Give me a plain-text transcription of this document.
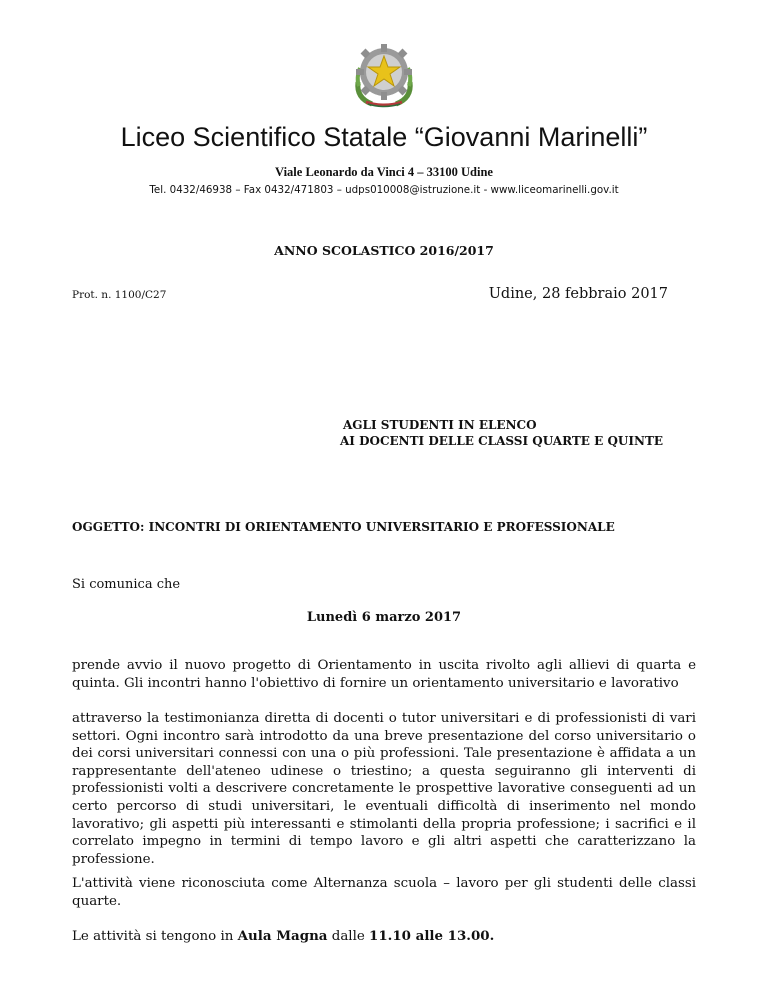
Liceo Scientifico Statale “Giovanni Marinelli”
Viale Leonardo da Vinci 4 – 33100 Udine
Tel. 0432/46938 – Fax 0432/471803 – udps010008@istruzione.it - www.liceomarinelli.gov.it
ANNO SCOLASTICO 2016/2017
Prot. n. 1100/C27	Udine, 28 febbraio 2017
AGLI STUDENTI IN ELENCO
AI DOCENTI DELLE CLASSI QUARTE E QUINTE
OGGETTO: INCONTRI DI ORIENTAMENTO UNIVERSITARIO E PROFESSIONALE
Si comunica che
Lunedì 6 marzo 2017
prende avvio il nuovo progetto di Orientamento in uscita rivolto agli allievi di quarta e quinta. Gli incontri hanno l'obiettivo di fornire un orientamento universitario e lavorativo
attraverso la testimonianza diretta di docenti o tutor universitari e di professionisti di vari settori. Ogni incontro sarà introdotto da una breve presentazione del corso universitario o dei corsi universitari connessi con una o più professioni. Tale presentazione è affidata a un rappresentante dell'ateneo udinese o triestino; a questa seguiranno gli interventi di professionisti volti a descrivere concretamente le prospettive lavorative conseguenti ad un certo percorso di studi universitari, le eventuali difficoltà di inserimento nel mondo lavorativo; gli aspetti più interessanti e stimolanti della propria professione; i sacrifici e il correlato impegno in termini di tempo lavoro e gli altri aspetti che caratterizzano la professione.
L'attività viene riconosciuta come Alternanza scuola – lavoro per gli studenti delle classi quarte.
Le attività si tengono in Aula Magna dalle 11.10 alle 13.00.
